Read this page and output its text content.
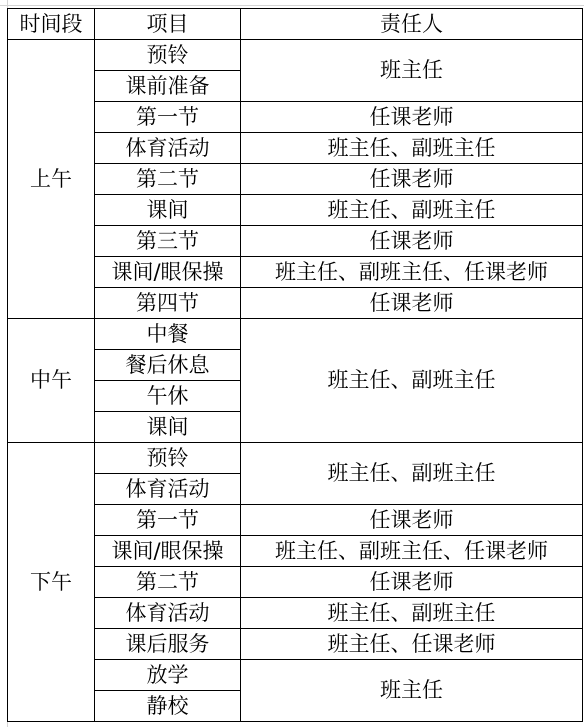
时间段	项目	责任人
上午	预铃	班主任
	课前准备	
	第一节	任课老师
	体育活动	班主任、副班主任
	第二节	任课老师
	课间	班主任、副班主任
	第三节	任课老师
	课间/眼保操	班主任、副班主任、任课老师
	第四节	任课老师
中午	中餐	班主任、副班主任
	餐后休息	
	午休	
	课间	
下午	预铃	班主任、副班主任
	体育活动	
	第一节	任课老师
	课间/眼保操	班主任、副班主任、任课老师
	第二节	任课老师
	体育活动	班主任、副班主任
	课后服务	班主任、任课老师
	放学	班主任
	静校	
